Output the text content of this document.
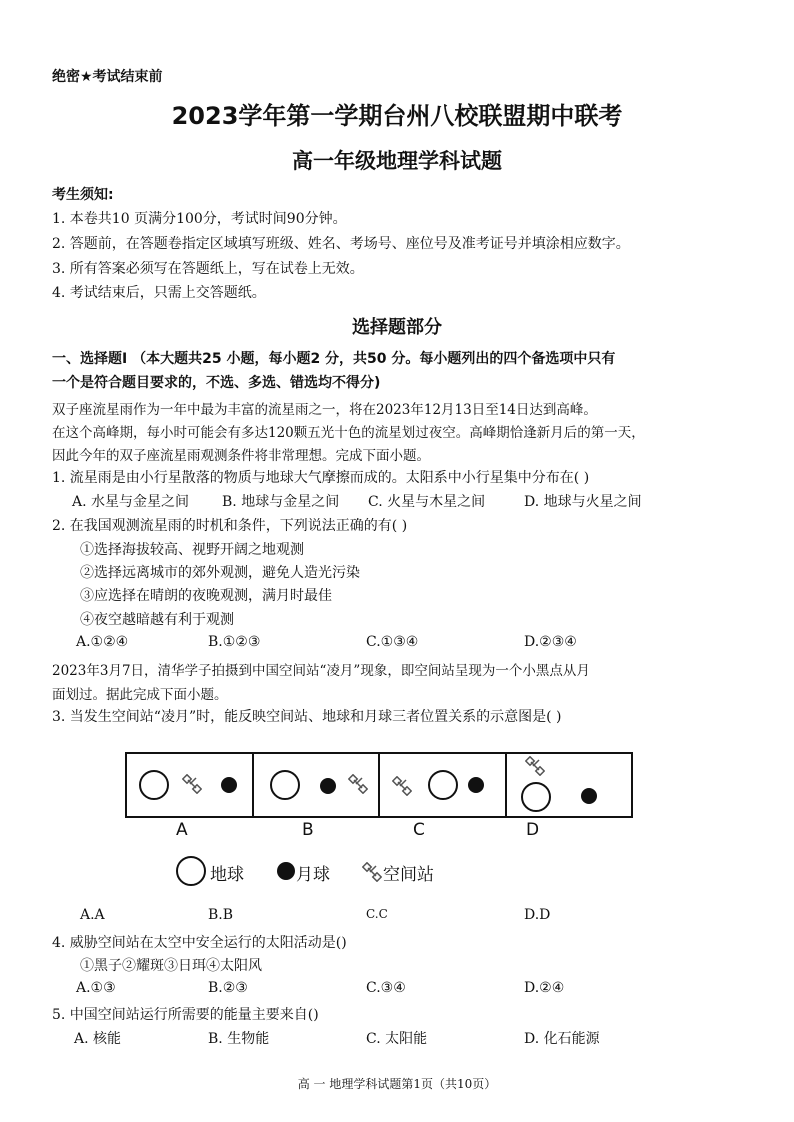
绝密★考试结束前
2023学年第一学期台州八校联盟期中联考
高一年级地理学科试题
考生须知:
1. 本卷共10 页满分100分，考试时间90分钟。
2. 答题前，在答题卷指定区域填写班级、姓名、考场号、座位号及准考证号并填涂相应数字。
3. 所有答案必须写在答题纸上，写在试卷上无效。
4. 考试结束后，只需上交答题纸。
选择题部分
一、选择题Ⅰ （本大题共25 小题，每小题2 分，共50 分。每小题列出的四个备选项中只有
一个是符合题目要求的，不选、多选、错选均不得分)
双子座流星雨作为一年中最为丰富的流星雨之一，将在2023年12月13日至14日达到高峰。
在这个高峰期，每小时可能会有多达120颗五光十色的流星划过夜空。高峰期恰逢新月后的第一天，
因此今年的双子座流星雨观测条件将非常理想。完成下面小题。
1. 流星雨是由小行星散落的物质与地球大气摩擦而成的。太阳系中小行星集中分布在( )
A. 水星与金星之间 B. 地球与金星之间 C. 火星与木星之间	D. 地球与火星之间
2. 在我国观测流星雨的时机和条件，下列说法正确的有( )
①选择海拔较高、视野开阔之地观测
②选择远离城市的郊外观测，避免人造光污染
③应选择在晴朗的夜晚观测，满月时最佳
④夜空越暗越有利于观测
A.①②④	B.①②③	C.①③④	D.②③④
2023年3月7日，清华学子拍摄到中国空间站“凌月”现象，即空间站呈现为一个小黑点从月
面划过。据此完成下面小题。
3. 当发生空间站“凌月”时，能反映空间站、地球和月球三者位置关系的示意图是( )
A	B	C	D
地球	月球	空间站
A.A	B.B	C.C	D.D
4. 威胁空间站在太空中安全运行的太阳活动是()
①黑子②耀斑③日珥④太阳风
A.①③	B.②③	C.③④	D.②④
5. 中国空间站运行所需要的能量主要来自()
A. 核能	B. 生物能	C. 太阳能	D. 化石能源
高 一 地理学科试题第1页（共10页）
